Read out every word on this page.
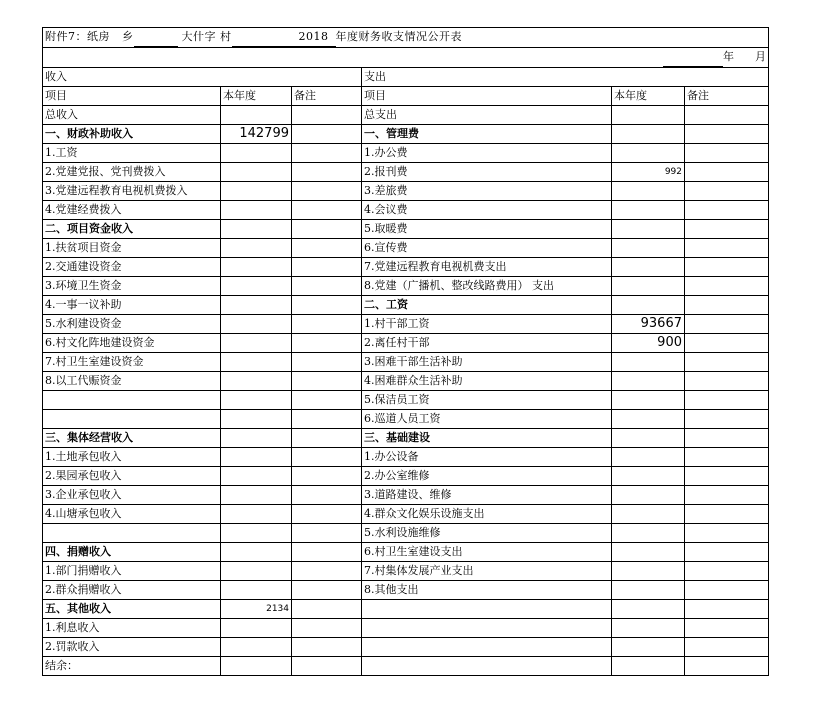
附件7：纸房 乡 大什字 村 2018 年度财务收支情况公开表					
年 月					
收入			支出		
项目	本年度	备注	项目	本年度	备注
总收入			总支出		
一、财政补助收入	142799		一、管理费		
1.工资			1.办公费		
2.党建党报、党刊费拨入			2.报刊费	992	
3.党建远程教育电视机费拨入			3.差旅费		
4.党建经费拨入			4.会议费		
二、项目资金收入			5.取暖费		
1.扶贫项目资金			6.宣传费		
2.交通建设资金			7.党建远程教育电视机费支出		
3.环境卫生资金			8.党建（广播机、整改线路费用） 支出		
4.一事一议补助			二、工资		
5.水利建设资金			1.村干部工资	93667	
6.村文化阵地建设资金			2.离任村干部	900	
7.村卫生室建设资金			3.困难干部生活补助		
8.以工代赈资金			4.困难群众生活补助		
			5.保洁员工资		
			6.巡道人员工资		
三、集体经营收入			三、基础建设		
1.土地承包收入			1.办公设备		
2.果园承包收入			2.办公室维修		
3.企业承包收入			3.道路建设、维修		
4.山塘承包收入			4.群众文化娱乐设施支出		
			5.水利设施维修		
四、捐赠收入			6.村卫生室建设支出		
1.部门捐赠收入			7.村集体发展产业支出		
2.群众捐赠收入			8.其他支出		
五、其他收入	2134				
1.利息收入					
2.罚款收入					
结余：					
